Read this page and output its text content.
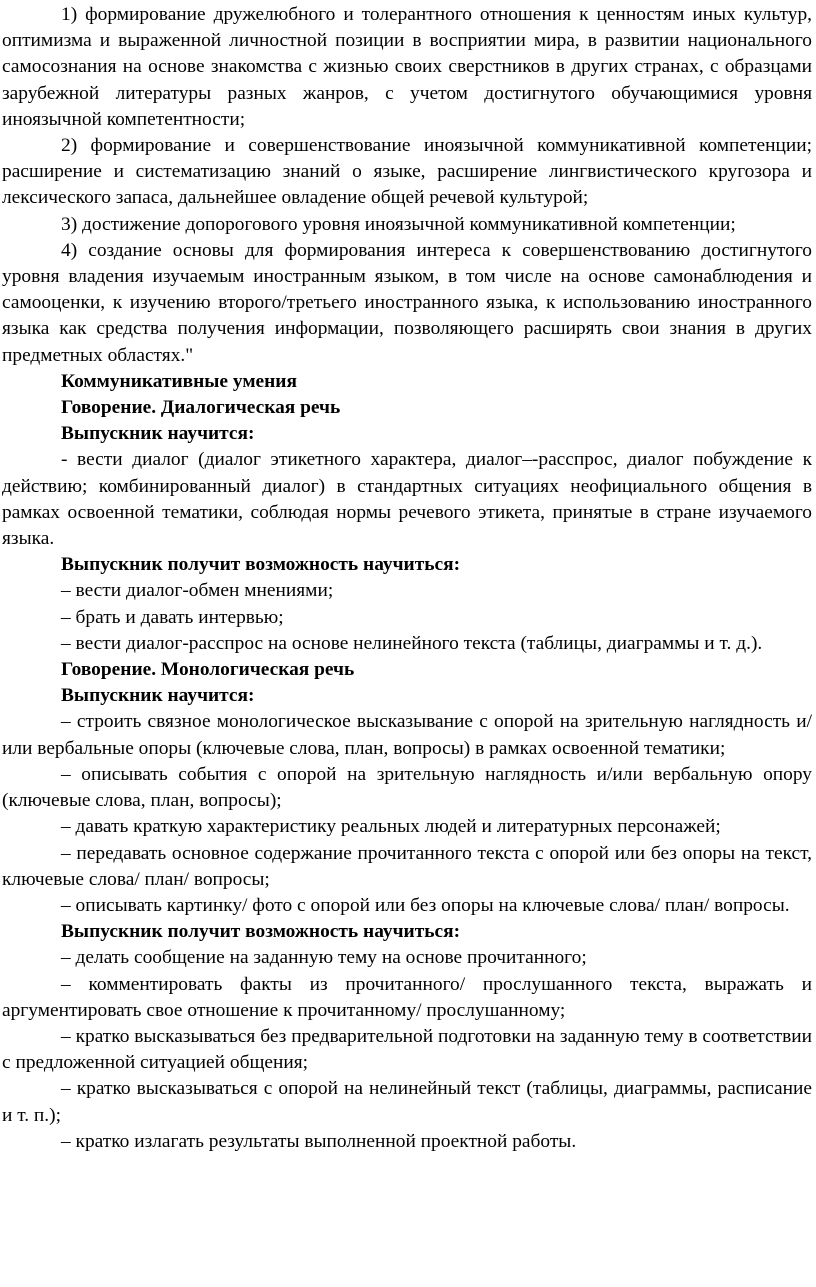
1) формирование дружелюбного и толерантного отношения к ценностям иных культур, оптимизма и выраженной личностной позиции в восприятии мира, в развитии национального самосознания на основе знакомства с жизнью своих сверстников в других странах, с образцами зарубежной литературы разных жанров, с учетом достигнутого обучающимися уровня иноязычной компетентности;

2) формирование и совершенствование иноязычной коммуникативной компетенции; расширение и систематизацию знаний о языке, расширение лингвистического кругозора и лексического запаса, дальнейшее овладение общей речевой культурой;

3) достижение допорогового уровня иноязычной коммуникативной компетенции;

4) создание основы для формирования интереса к совершенствованию достигнутого уровня владения изучаемым иностранным языком, в том числе на основе самонаблюдения и самооценки, к изучению второго/третьего иностранного языка, к использованию иностранного языка как средства получения информации, позволяющего расширять свои знания в других предметных областях."

Коммуникативные умения

Говорение. Диалогическая речь

Выпускник научится:

- вести диалог (диалог этикетного характера, диалог–-расспрос, диалог побуждение к действию; комбинированный диалог) в стандартных ситуациях неофициального общения в рамках освоенной тематики, соблюдая нормы речевого этикета, принятые в стране изучаемого языка.

Выпускник получит возможность научиться:

– вести диалог-обмен мнениями;

– брать и давать интервью;

– вести диалог-расспрос на основе нелинейного текста (таблицы, диаграммы и т. д.).

Говорение. Монологическая речь

Выпускник научится:

– строить связное монологическое высказывание с опорой на зрительную наглядность и/или вербальные опоры (ключевые слова, план, вопросы) в рамках освоенной тематики;

– описывать события с опорой на зрительную наглядность и/или вербальную опору (ключевые слова, план, вопросы);

– давать краткую характеристику реальных людей и литературных персонажей;

– передавать основное содержание прочитанного текста с опорой или без опоры на текст, ключевые слова/ план/ вопросы;

– описывать картинку/ фото с опорой или без опоры на ключевые слова/ план/ вопросы.

Выпускник получит возможность научиться:

– делать сообщение на заданную тему на основе прочитанного;

– комментировать факты из прочитанного/ прослушанного текста, выражать и аргументировать свое отношение к прочитанному/ прослушанному;

– кратко высказываться без предварительной подготовки на заданную тему в соответствии с предложенной ситуацией общения;

– кратко высказываться с опорой на нелинейный текст (таблицы, диаграммы, расписание и т. п.);

– кратко излагать результаты выполненной проектной работы.
